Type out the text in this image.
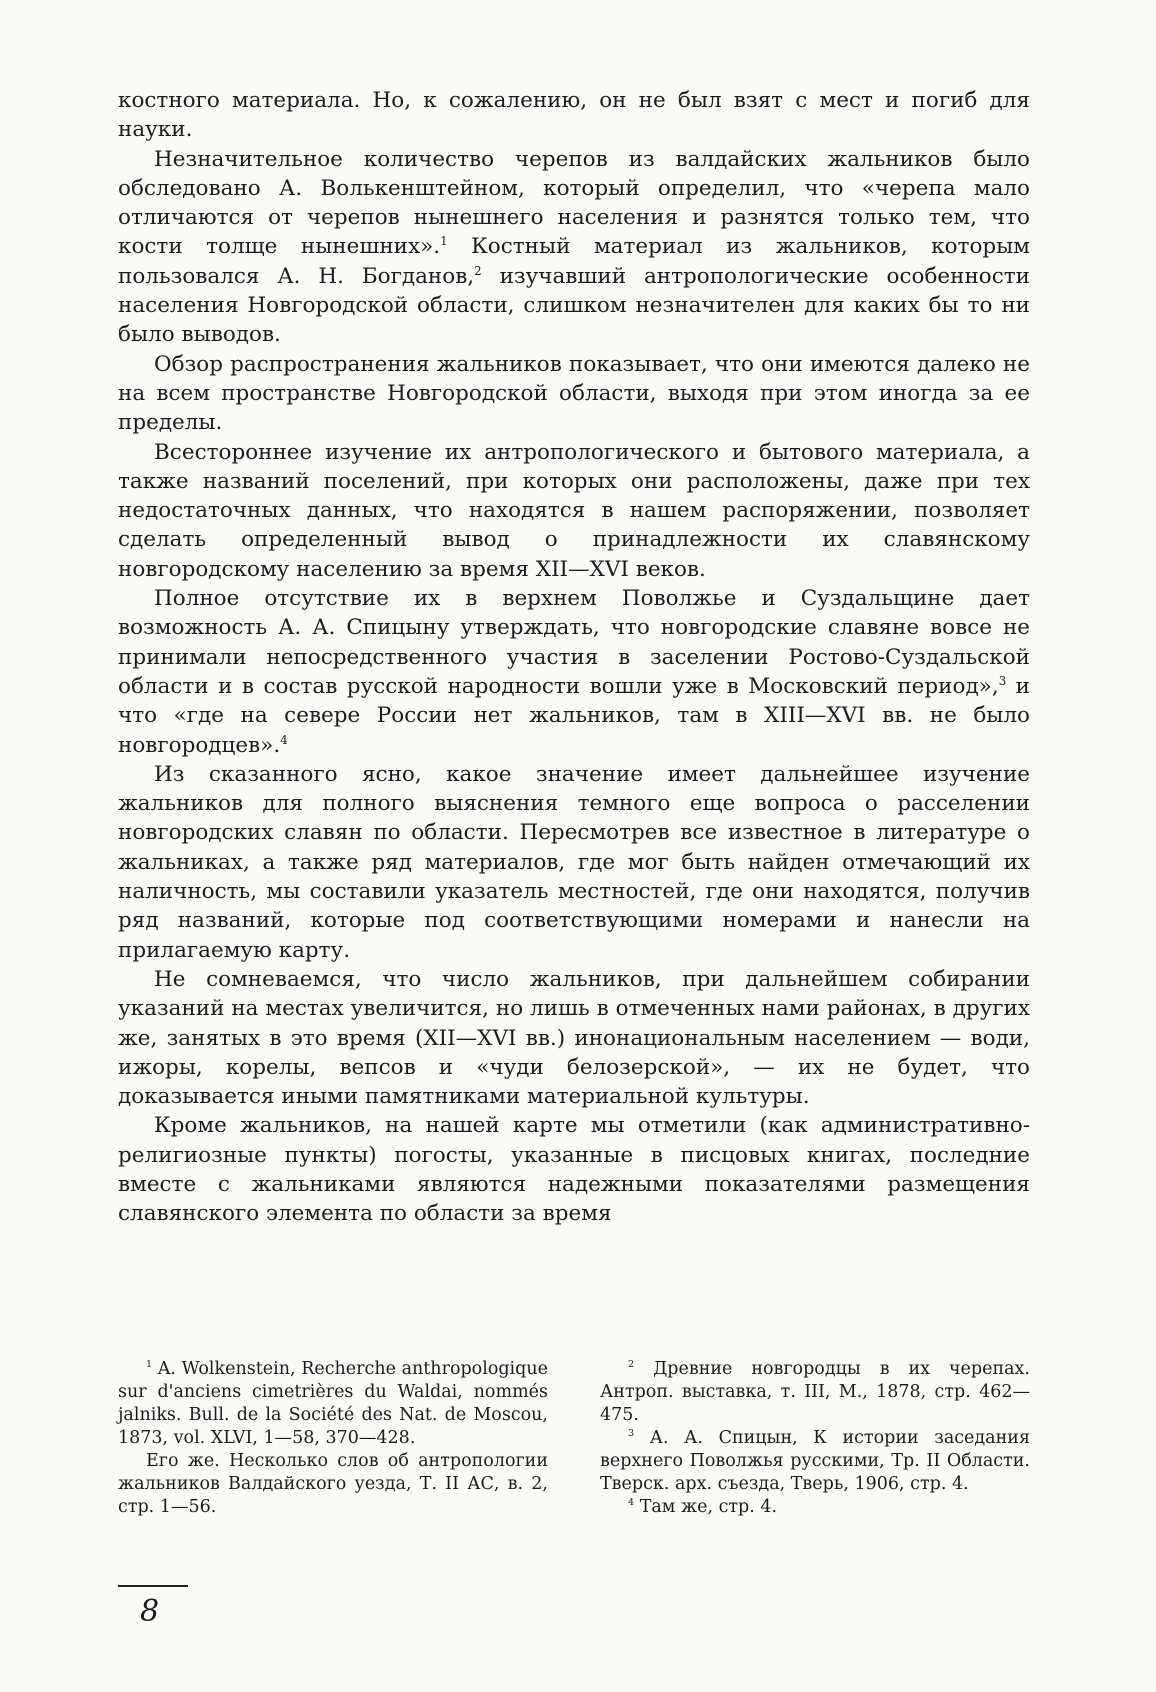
костного материала. Но, к сожалению, он не был взят с мест и погиб для науки.

Незначительное количество черепов из валдайских жальников было обследовано А. Волькенштейном, который определил, что «черепа мало отличаются от черепов нынешнего населения и разнятся только тем, что кости толще нынешних».$^1$ Костный материал из жальников, которым пользовался А. Н. Богданов,$^2$ изучавший антропологические особенности населения Новгородской области, слишком незначителен для каких бы то ни было выводов.

Обзор распространения жальников показывает, что они имеются далеко не на всем пространстве Новгородской области, выходя при этом иногда за ее пределы.

Всестороннее изучение их антропологического и бытового материала, а также названий поселений, при которых они расположены, даже при тех недостаточных данных, что находятся в нашем распоряжении, позволяет сделать определенный вывод о принадлежности их славянскому новгородскому населению за время XII—XVI веков.

Полное отсутствие их в верхнем Поволжье и Суздальщине дает возможность А. А. Спицыну утверждать, что новгородские славяне вовсе не принимали непосредственного участия в заселении Ростово-Суздальской области и в состав русской народности вошли уже в Московский период»,$^3$ и что «где на севере России нет жальников, там в XIII—XVI вв. не было новгородцев».$^4$

Из сказанного ясно, какое значение имеет дальнейшее изучение жальников для полного выяснения темного еще вопроса о расселении новгородских славян по области. Пересмотрев все известное в литературе о жальниках, а также ряд материалов, где мог быть найден отмечающий их наличность, мы составили указатель местностей, где они находятся, получив ряд названий, которые под соответствующими номерами и нанесли на прилагаемую карту.

Не сомневаемся, что число жальников, при дальнейшем собирании указаний на местах увеличится, но лишь в отмеченных нами районах, в других же, занятых в это время (XII—XVI вв.) инонациональным населением — води, ижоры, корелы, вепсов и «чуди белозерской», — их не будет, что доказывается иными памятниками материальной культуры.

Кроме жальников, на нашей карте мы отметили (как административно-религиозные пункты) погосты, указанные в писцовых книгах, последние вместе с жальниками являются надежными показателями размещения славянского элемента по области за время

$^1$ A. Wolkenstein, Recherche anthropologique sur d'anciens cimetrières du Waldai, nommés jalniks. Bull. de la Société des Nat. de Moscou, 1873, vol. XLVI, 1—58, 370—428.

Его же. Несколько слов об антропологии жальников Валдайского уезда, Т. II АС, в. 2, стр. 1—56.

$^2$ Древние новгородцы в их черепах. Антроп. выставка, т. III, М., 1878, стр. 462—475.

$^3$ А. А. Спицын, К истории заседания верхнего Поволжья русскими, Тр. II Области. Тверск. арх. съезда, Тверь, 1906, стр. 4.

$^4$ Там же, стр. 4.

8
